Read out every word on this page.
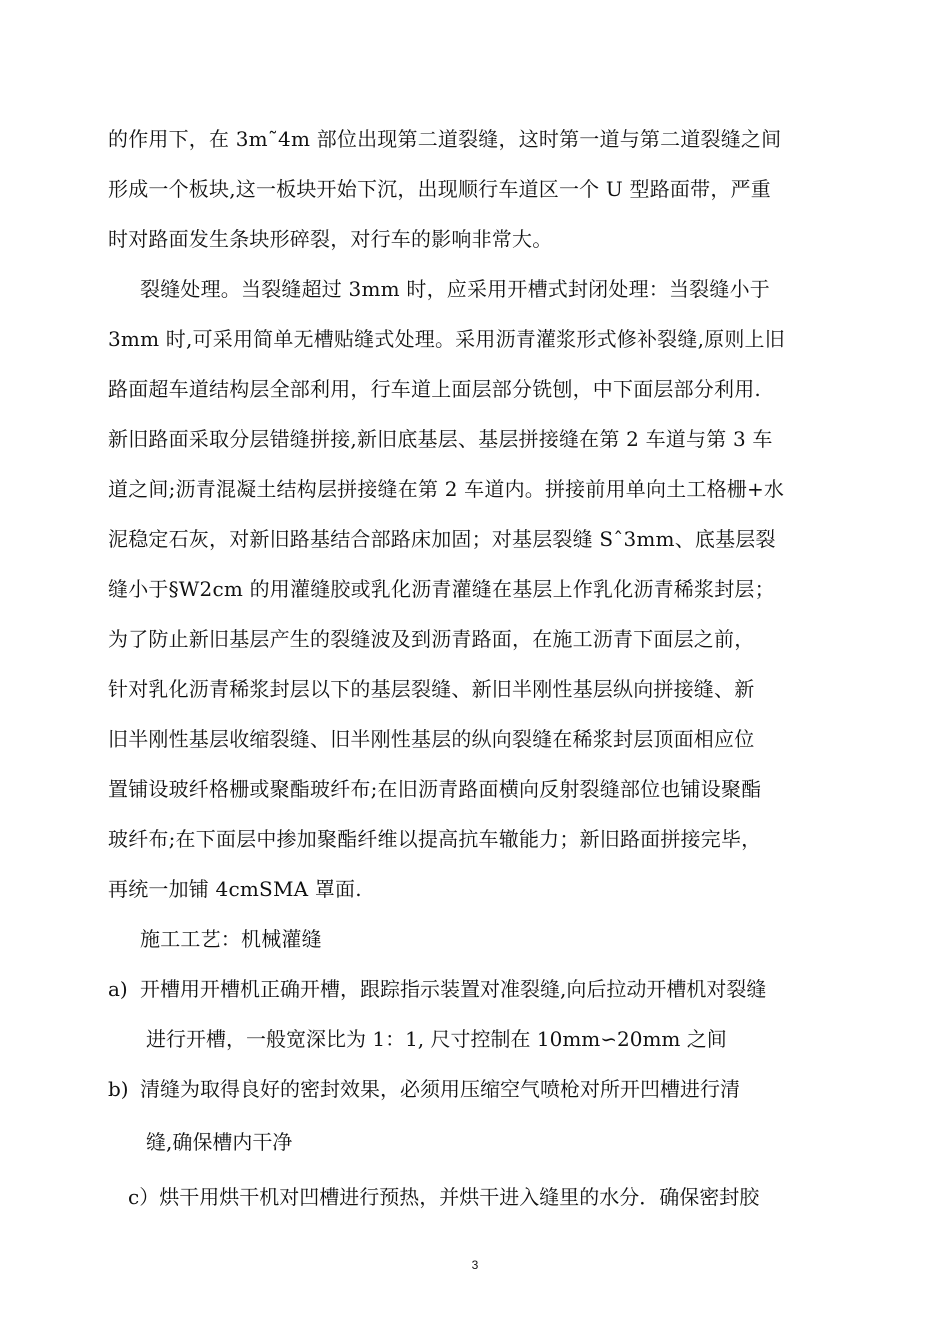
的作用下，在 3m˜4m 部位出现第二道裂缝，这时第一道与第二道裂缝之间
形成一个板块,这一板块开始下沉，出现顺行车道区一个 U 型路面带，严重
时对路面发生条块形碎裂，对行车的影响非常大。
裂缝处理。当裂缝超过 3mm 时，应采用开槽式封闭处理：当裂缝小于
3mm 时,可采用简单无槽贴缝式处理。采用沥青灌浆形式修补裂缝,原则上旧
路面超车道结构层全部利用，行车道上面层部分铣刨，中下面层部分利用.
新旧路面采取分层错缝拼接,新旧底基层、基层拼接缝在第 2 车道与第 3 车
道之间;沥青混凝土结构层拼接缝在第 2 车道内。拼接前用单向土工格栅+水
泥稳定石灰，对新旧路基结合部路床加固；对基层裂缝 Sˆ3mm、底基层裂
缝小于§W2cm 的用灌缝胶或乳化沥青灌缝在基层上作乳化沥青稀浆封层；
为了防止新旧基层产生的裂缝波及到沥青路面，在施工沥青下面层之前，
针对乳化沥青稀浆封层以下的基层裂缝、新旧半刚性基层纵向拼接缝、新
旧半刚性基层收缩裂缝、旧半刚性基层的纵向裂缝在稀浆封层顶面相应位
置铺设玻纤格栅或聚酯玻纤布;在旧沥青路面横向反射裂缝部位也铺设聚酯
玻纤布;在下面层中掺加聚酯纤维以提高抗车辙能力；新旧路面拼接完毕，
再统一加铺 4cmSMA 罩面.
施工工艺：机械灌缝
a) 开槽用开槽机正确开槽，跟踪指示装置对准裂缝,向后拉动开槽机对裂缝
进行开槽，一般宽深比为 1：1, 尺寸控制在 10mm∽20mm 之间
b) 清缝为取得良好的密封效果，必须用压缩空气喷枪对所开凹槽进行清
缝,确保槽内干净
c）烘干用烘干机对凹槽进行预热，并烘干进入缝里的水分．确保密封胶
3
